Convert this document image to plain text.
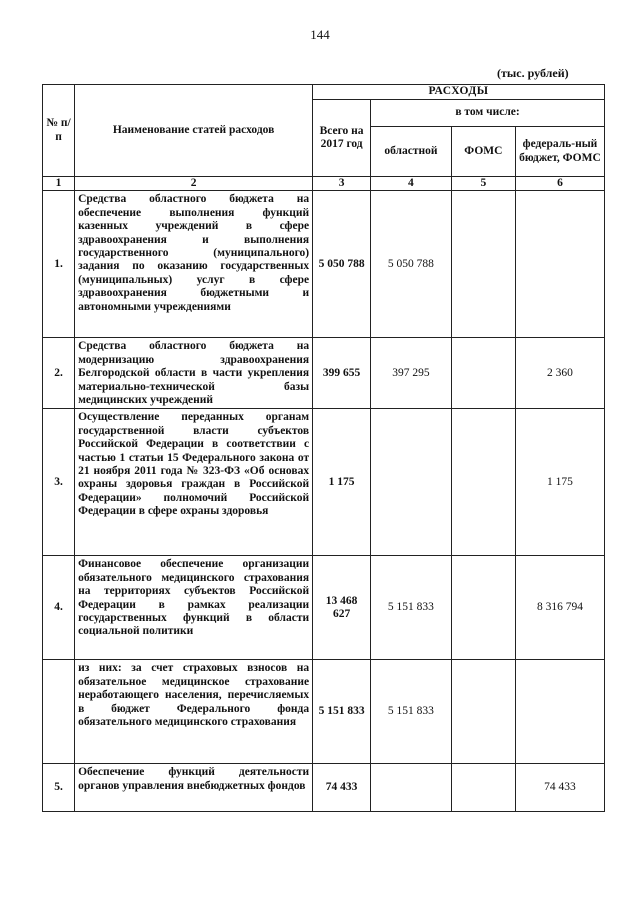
144
(тыс. рублей)
№ п/п	Наименование статей расходов	РАСХОДЫ			
		Всего на 2017 год	в том числе:		
			областной	ФОМС	федераль-ный бюджет, ФОМС
1	2	3	4	5	6
1.	Средства областного бюджета на обеспечение выполнения функций казенных учреждений в сфере здравоохранения и выполнения государственного (муниципального) задания по оказанию государственных (муниципальных) услуг в сфере здравоохранения бюджетными и автономными учреждениями	5 050 788	5 050 788		
2.	Средства областного бюджета на модернизацию здравоохранения Белгородской области в части укрепления материально-технической базы медицинских учреждений	399 655	397 295		2 360
3.	Осуществление переданных органам государственной власти субъектов Российской Федерации в соответствии с частью 1 статьи 15 Федерального закона от 21 ноября 2011 года № 323-ФЗ «Об основах охраны здоровья граждан в Российской Федерации» полномочий Российской Федерации в сфере охраны здоровья	1 175			1 175
4.	Финансовое обеспечение организации обязательного медицинского страхования на территориях субъектов Российской Федерации в рамках реализации государственных функций в области социальной политики	13 468 627	5 151 833		8 316 794
	из них: за счет страховых взносов на обязательное медицинское страхование неработающего населения, перечисляемых в бюджет Федерального фонда обязательного медицинского страхования	5 151 833	5 151 833		
5.	Обеспечение функций деятельности органов управления внебюджетных фондов	74 433			74 433
